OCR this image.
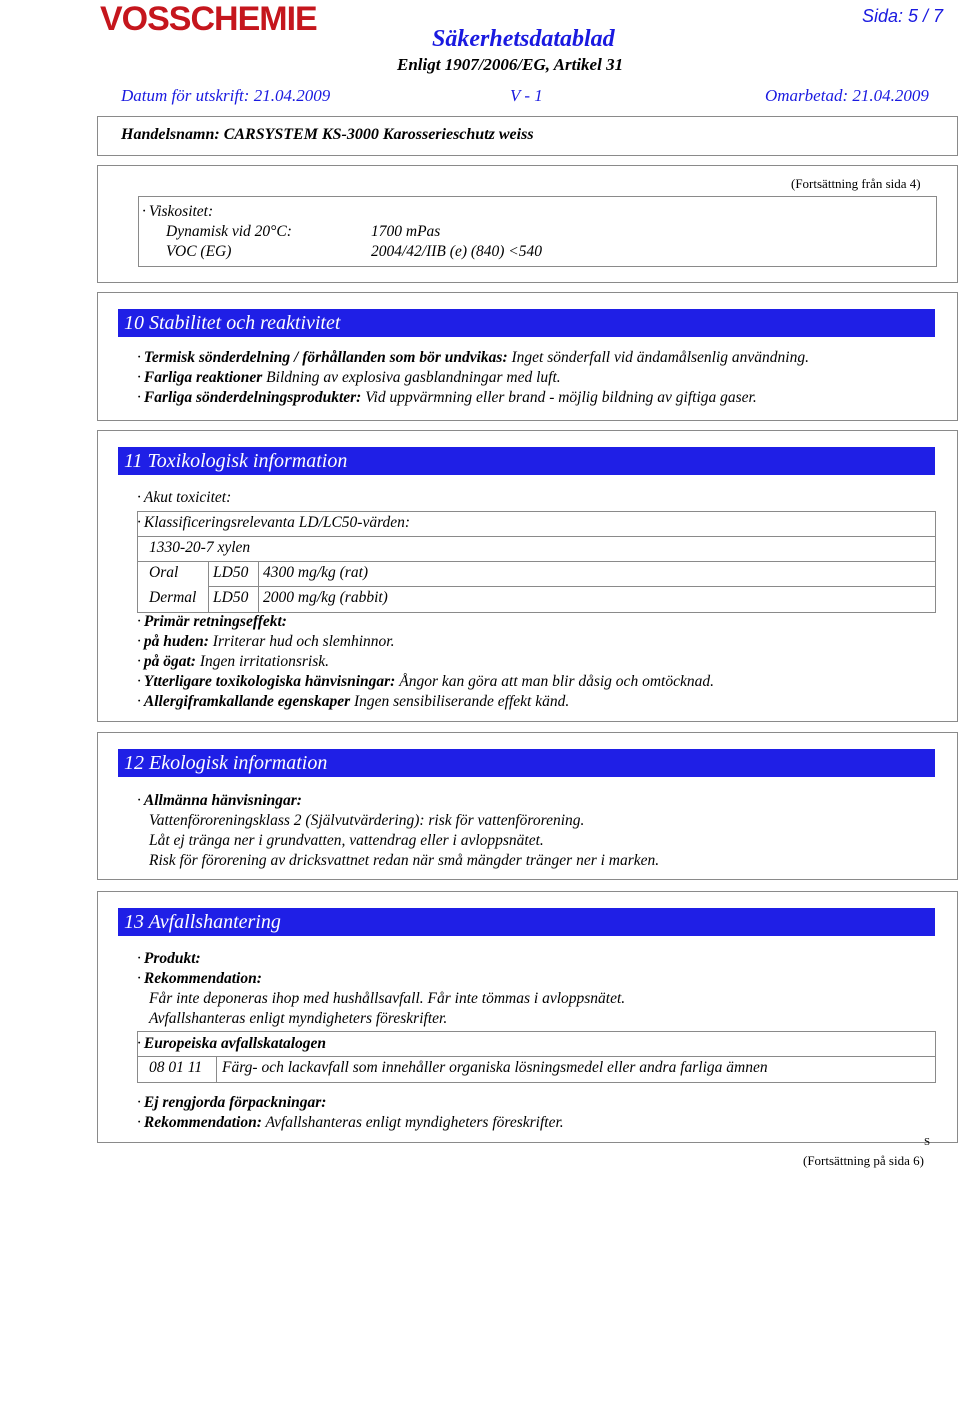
VOSSCHEMIE	Sida: 5 / 7
Säkerhetsdatablad
Enligt 1907/2006/EG, Artikel 31
Datum för utskrift: 21.04.2009	V - 1	Omarbetad: 21.04.2009
Handelsnamn: CARSYSTEM KS-3000 Karosserieschutz weiss
(Fortsättning från sida 4)
· Viskositet:
Dynamisk vid 20°C:	1700 mPas
VOC (EG)	2004/42/IIB (e) (840) <540
10 Stabilitet och reaktivitet
· Termisk sönderdelning / förhållanden som bör undvikas: Inget sönderfall vid ändamålsenlig användning.
· Farliga reaktioner Bildning av explosiva gasblandningar med luft.
· Farliga sönderdelningsprodukter: Vid uppvärmning eller brand - möjlig bildning av giftiga gaser.
11 Toxikologisk information
· Akut toxicitet:
· Klassificeringsrelevanta LD/LC50-värden:
1330-20-7 xylen
Oral LD50 4300 mg/kg (rat)
Dermal LD50 2000 mg/kg (rabbit)
· Primär retningseffekt:
· på huden: Irriterar hud och slemhinnor.
· på ögat: Ingen irritationsrisk.
· Ytterligare toxikologiska hänvisningar: Ångor kan göra att man blir dåsig och omtöcknad.
· Allergiframkallande egenskaper Ingen sensibiliserande effekt känd.
12 Ekologisk information
· Allmänna hänvisningar:
Vattenföroreningsklass 2 (Självutvärdering): risk för vattenförorening.
Låt ej tränga ner i grundvatten, vattendrag eller i avloppsnätet.
Risk för förorening av dricksvattnet redan när små mängder tränger ner i marken.
13 Avfallshantering
· Produkt:
· Rekommendation:
Får inte deponeras ihop med hushållsavfall. Får inte tömmas i avloppsnätet.
Avfallshanteras enligt myndigheters föreskrifter.
· Europeiska avfallskatalogen
08 01 11 Färg- och lackavfall som innehåller organiska lösningsmedel eller andra farliga ämnen
· Ej rengjorda förpackningar:
· Rekommendation: Avfallshanteras enligt myndigheters föreskrifter.
S
(Fortsättning på sida 6)
